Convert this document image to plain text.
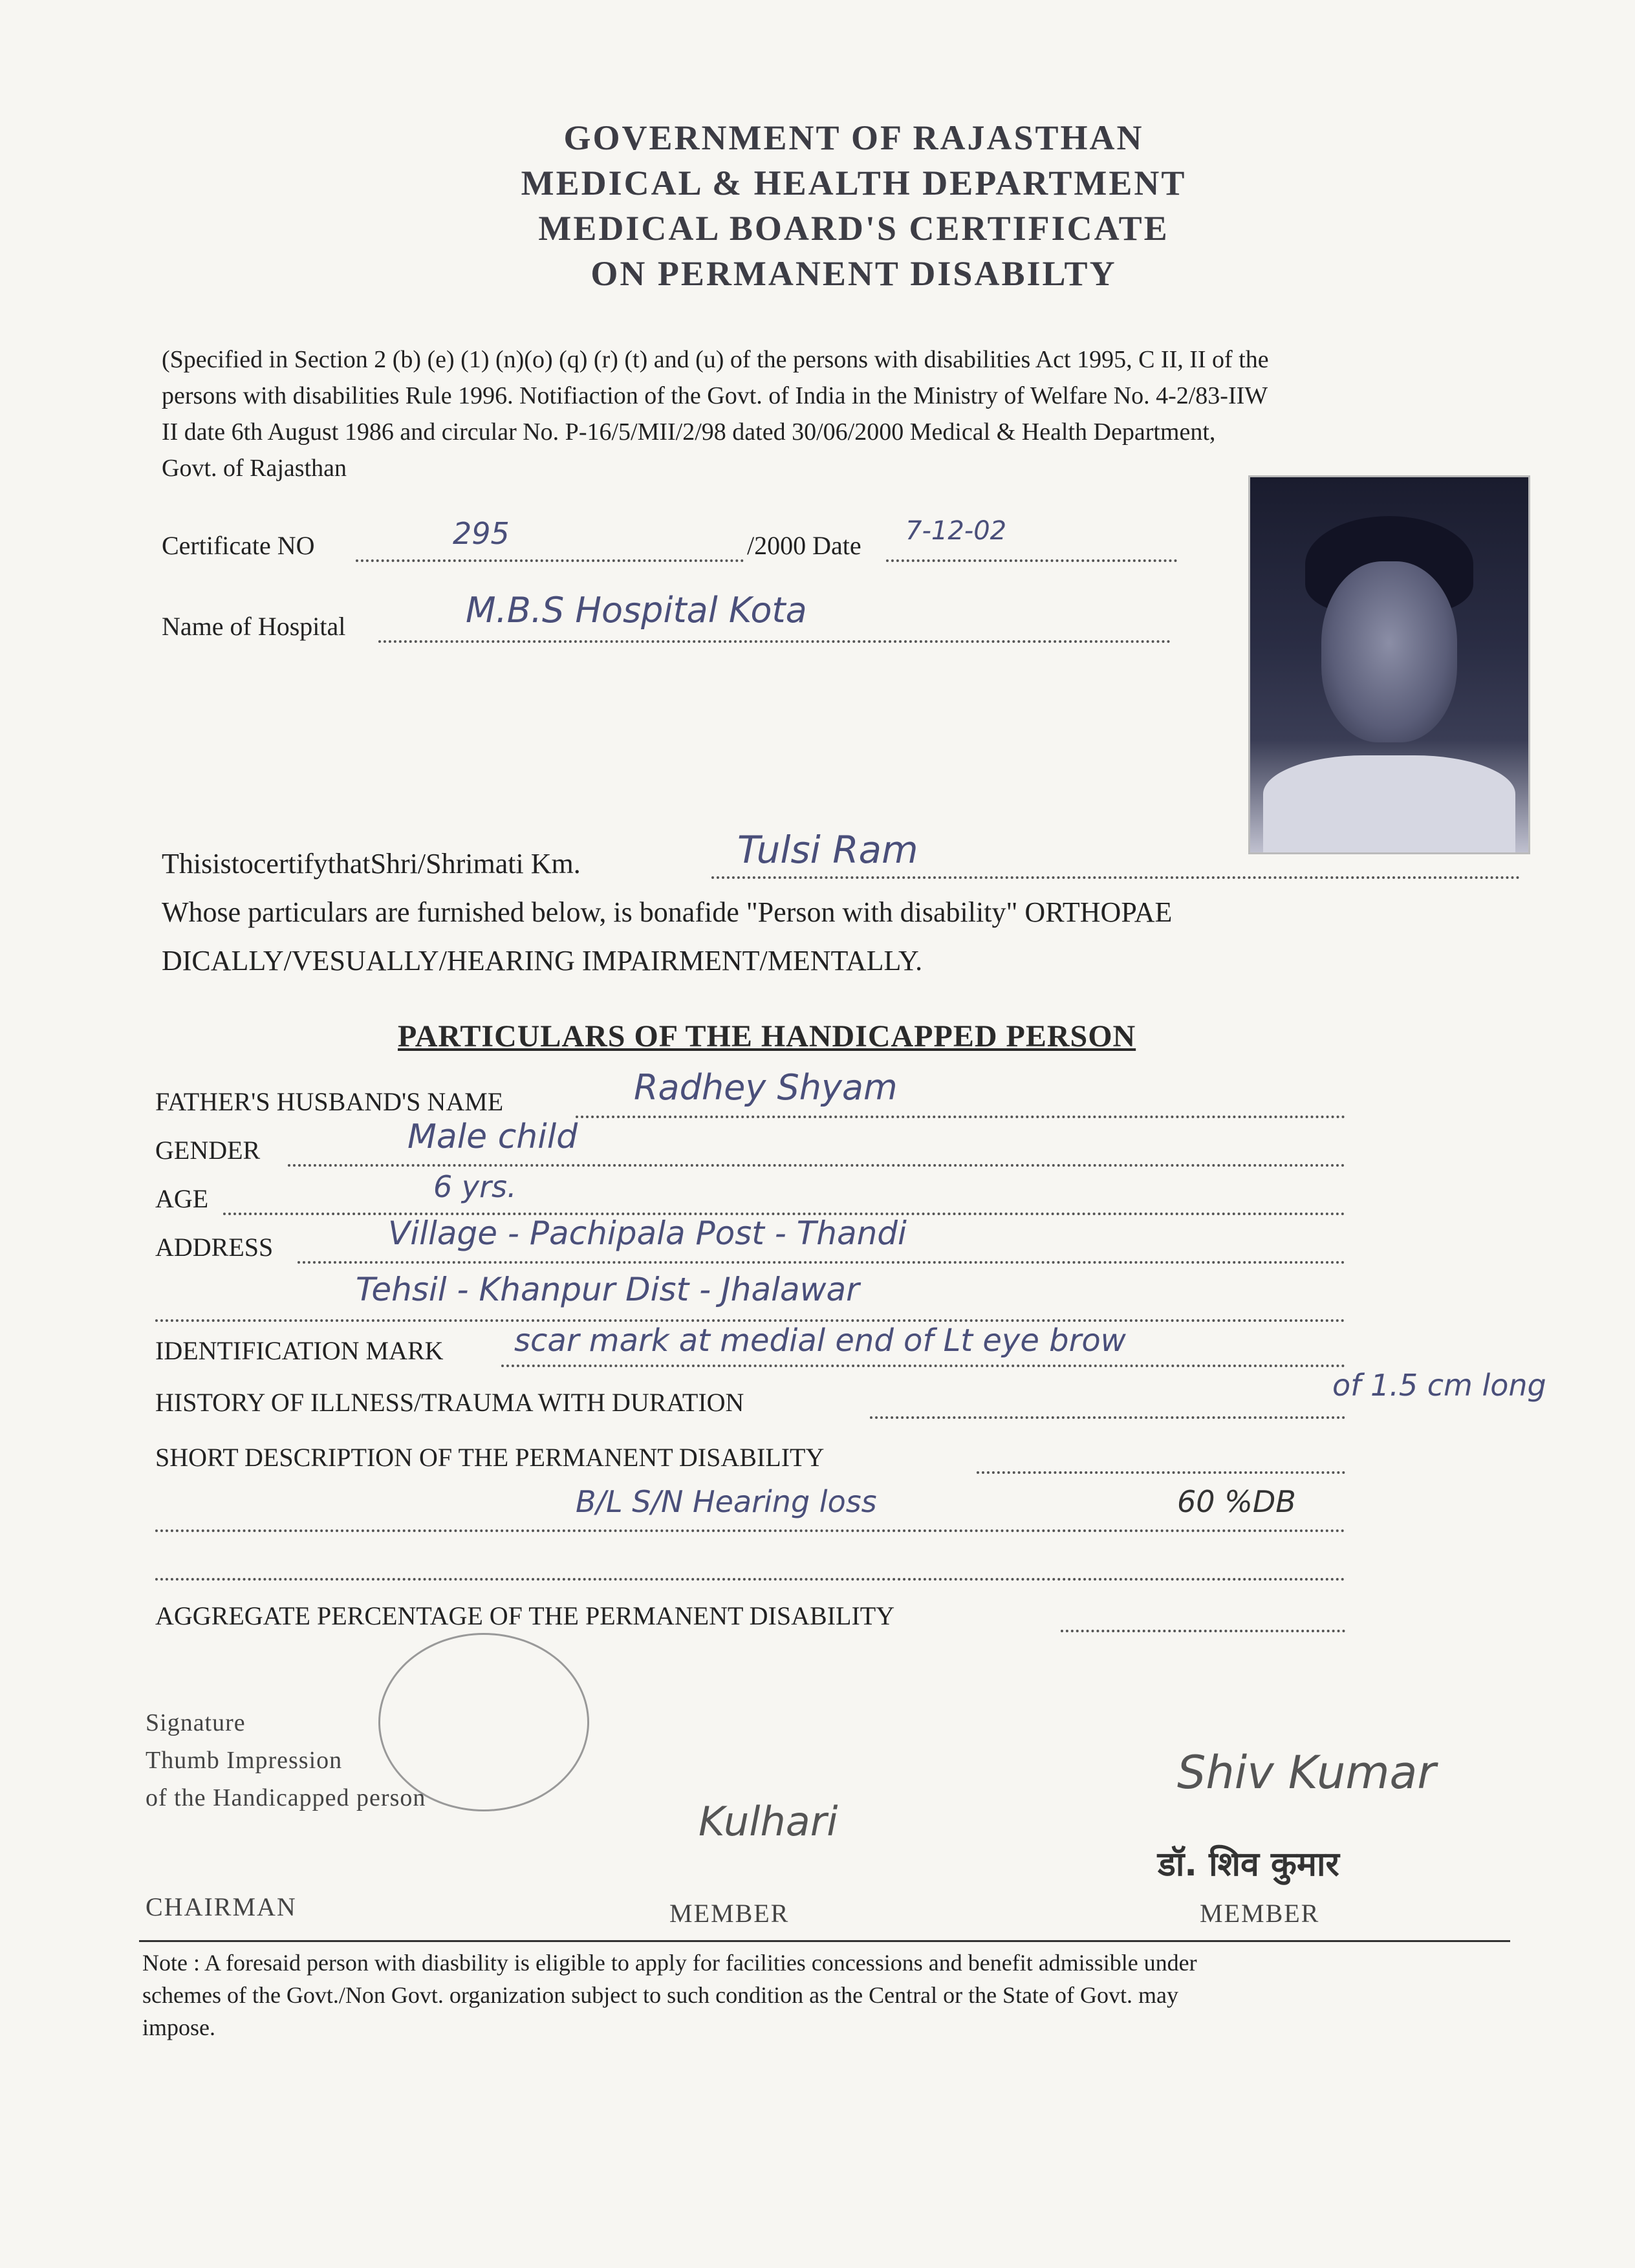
GOVERNMENT OF RAJASTHAN
MEDICAL & HEALTH DEPARTMENT
MEDICAL BOARD'S CERTIFICATE
ON PERMANENT DISABILTY
(Specified in Section 2 (b) (e) (1) (n)(o) (q) (r) (t) and (u) of the persons with disabilities Act 1995, C II, II of the
persons with disabilities Rule 1996. Notifiaction of the Govt. of India in the Ministry of Welfare No. 4-2/83-IIW
II date 6th August 1986 and circular No. P-16/5/MII/2/98 dated 30/06/2000 Medical & Health Department,
Govt. of Rajasthan
Certificate NO	295	/2000 Date 7-12-02
Name of Hospital	M.B.S Hospital Kota
ThisistocertifythatShri/Shrimati Km.	Tulsi Ram
Whose particulars are furnished below, is bonafide "Person with disability" ORTHOPAE
DICALLY/VESUALLY/HEARING IMPAIRMENT/MENTALLY.
PARTICULARS OF THE HANDICAPPED PERSON
FATHER'S HUSBAND'S NAME	Radhey Shyam
GENDER	Male child
AGE	6 yrs.
ADDRESS	Village - Pachipala Post - Thandi
Tehsil - Khanpur Dist - Jhalawar
IDENTIFICATION MARK scar mark at medial end of Lt eye brow
HISTORY OF ILLNESS/TRAUMA WITH DURATION	of 1.5 cm long
SHORT DESCRIPTION OF THE PERMANENT DISABILITY
B/L S/N Hearing loss	60 %DB
AGGREGATE PERCENTAGE OF THE PERMANENT DISABILITY
Signature
Thumb Impression
of the Handicapped person	Kulhari
Shiv Kumar
डॉ. शिव कुमार
CHAIRMAN	MEMBER	MEMBER
Note : A foresaid person with diasbility is eligible to apply for facilities concessions and benefit admissible under
schemes of the Govt./Non Govt. organization subject to such condition as the Central or the State of Govt. may
impose.
